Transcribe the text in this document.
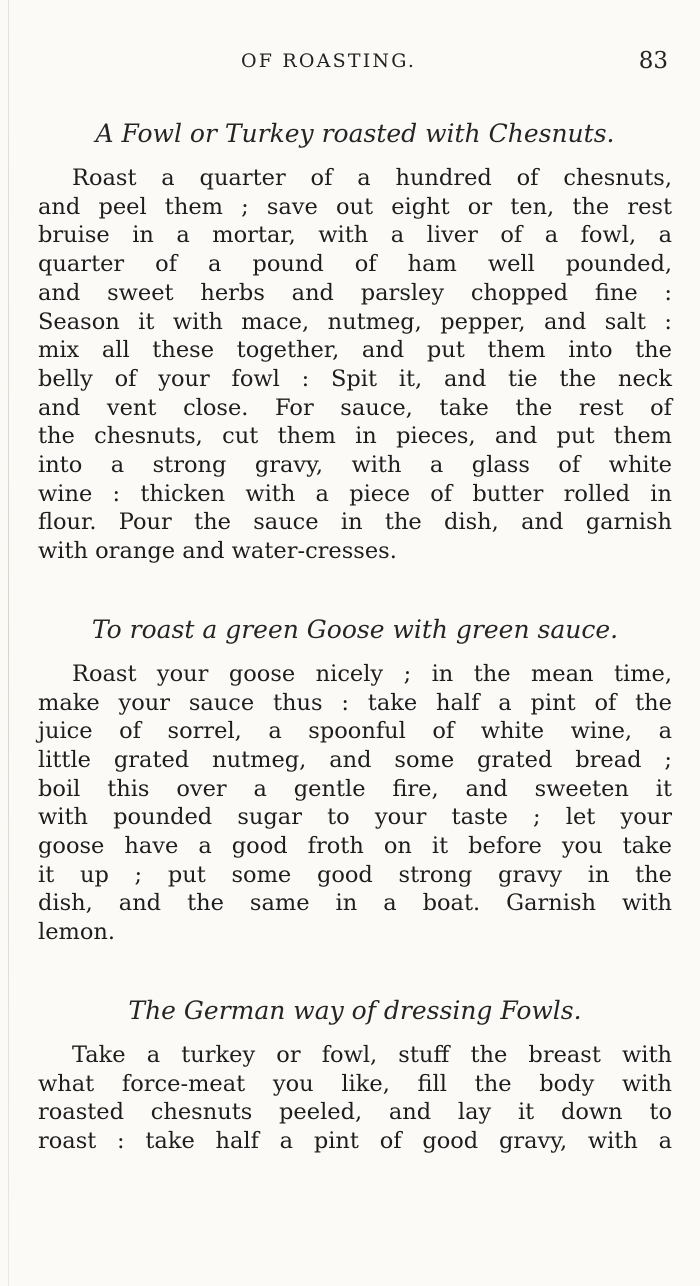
OF ROASTING.	83
A Fowl or Turkey roasted with Chesnuts.
Roast a quarter of a hundred of chesnuts,
and peel them ; save out eight or ten, the rest
bruise in a mortar, with a liver of a fowl, a
quarter of a pound of ham well pounded,
and sweet herbs and parsley chopped fine :
Season it with mace, nutmeg, pepper, and salt :
mix all these together, and put them into the
belly of your fowl : Spit it, and tie the neck
and vent close. For sauce, take the rest of
the chesnuts, cut them in pieces, and put them
into a strong gravy, with a glass of white
wine : thicken with a piece of butter rolled in
flour. Pour the sauce in the dish, and garnish
with orange and water-cresses.
To roast a green Goose with green sauce.
Roast your goose nicely ; in the mean time,
make your sauce thus : take half a pint of the
juice of sorrel, a spoonful of white wine, a
little grated nutmeg, and some grated bread ;
boil this over a gentle fire, and sweeten it
with pounded sugar to your taste ; let your
goose have a good froth on it before you take
it up ; put some good strong gravy in the
dish, and the same in a boat. Garnish with
lemon.
The German way of dressing Fowls.
Take a turkey or fowl, stuff the breast with
what force-meat you like, fill the body with
roasted chesnuts peeled, and lay it down to
roast : take half a pint of good gravy, with a
